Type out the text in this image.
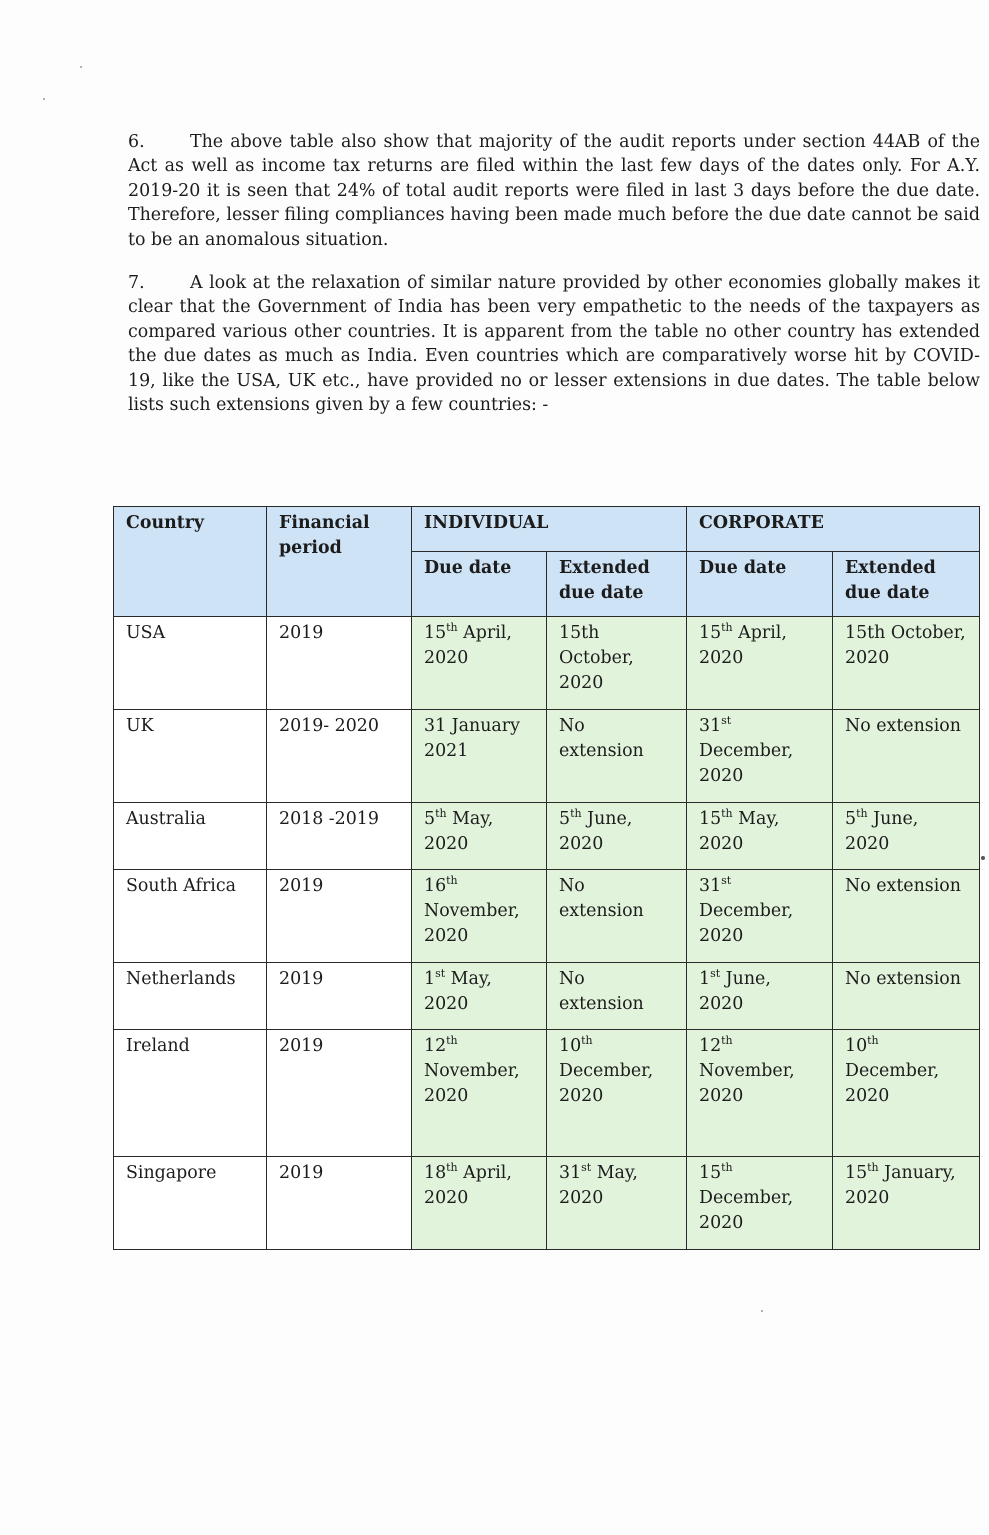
6.	The above table also show that majority of the audit reports under section 44AB of the Act as well as income tax returns are filed within the last few days of the dates only. For A.Y. 2019-20 it is seen that 24% of total audit reports were filed in last 3 days before the due date. Therefore, lesser filing compliances having been made much before the due date cannot be said to be an anomalous situation.

7.	A look at the relaxation of similar nature provided by other economies globally makes it clear that the Government of India has been very empathetic to the needs of the taxpayers as compared various other countries. It is apparent from the table no other country has extended the due dates as much as India. Even countries which are comparatively worse hit by COVID-19, like the USA, UK etc., have provided no or lesser extensions in due dates. The table below lists such extensions given by a few countries: -

Country	Financial period	INDIVIDUAL		CORPORATE	
		Due date	Extended due date	Due date	Extended due date
USA	2019	15th April, 2020	15th October, 2020	15th April, 2020	15th October, 2020
UK	2019- 2020	31 January 2021	No extension	31st December, 2020	No extension
Australia	2018 -2019	5th May, 2020	5th June, 2020	15th May, 2020	5th June, 2020
South Africa	2019	16th November, 2020	No extension	31st December, 2020	No extension
Netherlands	2019	1st May, 2020	No extension	1st June, 2020	No extension
Ireland	2019	12th November, 2020	10th December, 2020	12th November, 2020	10th December, 2020
Singapore	2019	18th April, 2020	31st May, 2020	15th December, 2020	15th January, 2020
